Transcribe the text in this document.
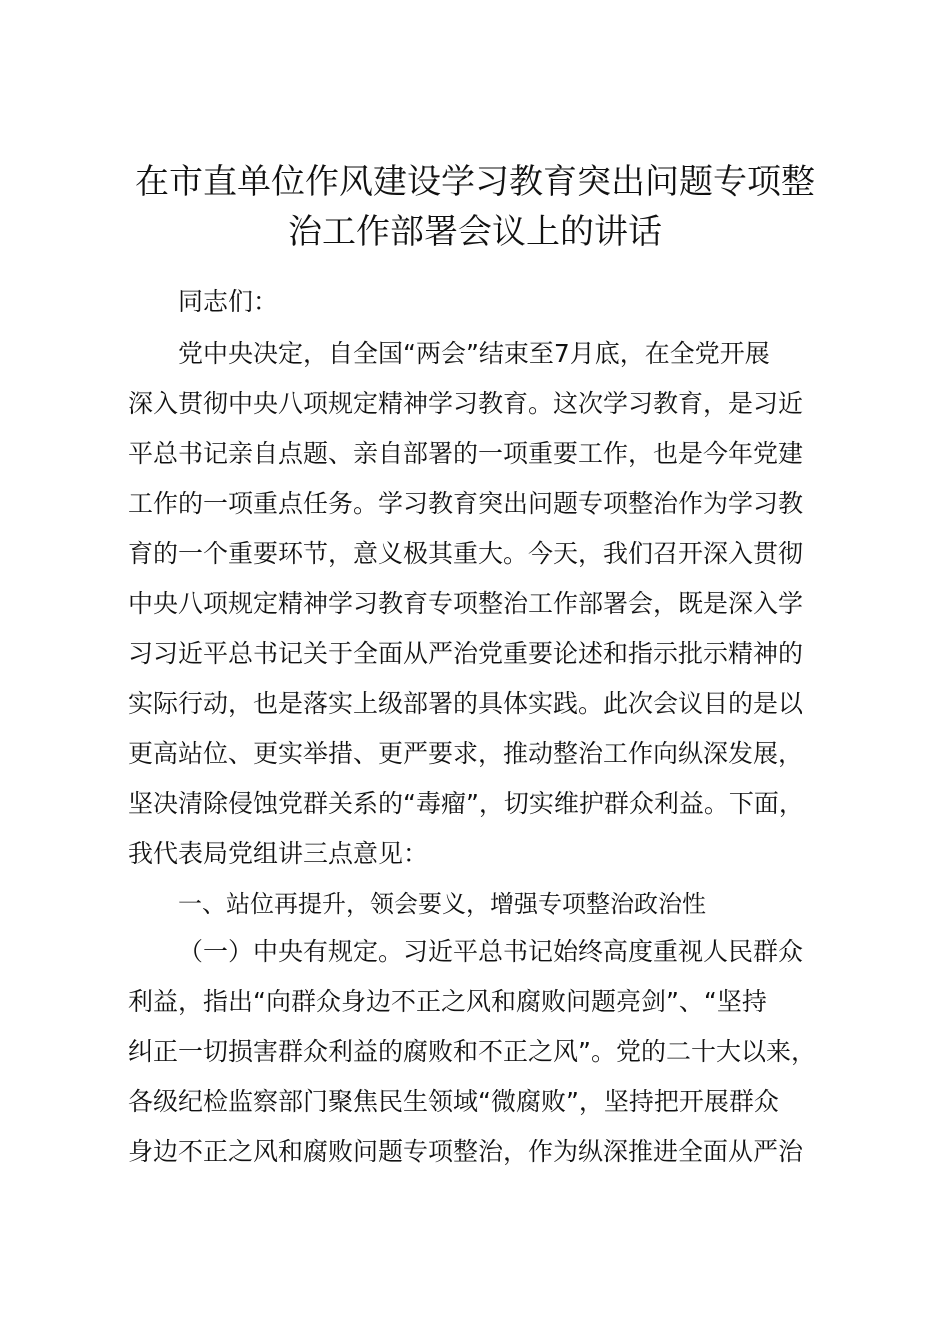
在市直单位作风建设学习教育突出问题专项整
治工作部署会议上的讲话

同志们：

党中央决定，自全国“两会”结束至7月底，在全党开展

深入贯彻中央八项规定精神学习教育。这次学习教育，是习近

平总书记亲自点题、亲自部署的一项重要工作，也是今年党建

工作的一项重点任务。学习教育突出问题专项整治作为学习教

育的一个重要环节，意义极其重大。今天，我们召开深入贯彻

中央八项规定精神学习教育专项整治工作部署会，既是深入学

习习近平总书记关于全面从严治党重要论述和指示批示精神的

实际行动，也是落实上级部署的具体实践。此次会议目的是以

更高站位、更实举措、更严要求，推动整治工作向纵深发展，

坚决清除侵蚀党群关系的“毒瘤”，切实维护群众利益。下面，

我代表局党组讲三点意见：

一、站位再提升，领会要义，增强专项整治政治性

（一）中央有规定。习近平总书记始终高度重视人民群众

利益，指出“向群众身边不正之风和腐败问题亮剑”、“坚持

纠正一切损害群众利益的腐败和不正之风”。党的二十大以来，

各级纪检监察部门聚焦民生领域“微腐败”，坚持把开展群众

身边不正之风和腐败问题专项整治，作为纵深推进全面从严治
